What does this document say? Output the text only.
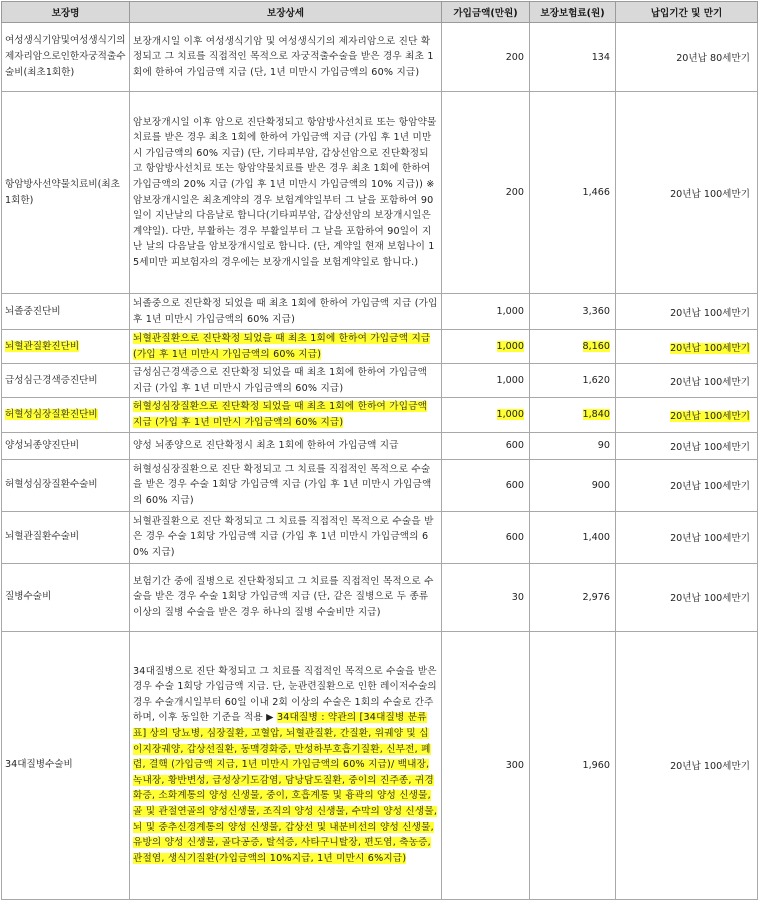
보장명	보장상세	가입금액(만원)	보장보험료(원)	납입기간 및 만기
여성생식기암및여성생식기의제자리암으로인한자궁적출수술비(최초1회한)	보장개시일 이후 여성생식기암 및 여성생식기의 제자리암으로 진단 확정되고 그 치료를 직접적인 목적으로 자궁적출수술을 받은 경우 최초 1회에 한하여 가입금액 지급 (단, 1년 미만시 가입금액의 60% 지급)	200	134	20년납 80세만기
항암방사선약물치료비(최초1회한)	암보장개시일 이후 암으로 진단확정되고 항암방사선치료 또는 항암약물치료를 받은 경우 최초 1회에 한하여 가입금액 지급 (가입 후 1년 미만시 가입금액의 60% 지급) (단, 기타피부암, 갑상선암으로 진단확정되고 항암방사선치료 또는 항암약물치료를 받은 경우 최초 1회에 한하여 가입금액의 20% 지급 (가입 후 1년 미만시 가입금액의 10% 지급)) ※ 암보장개시일은 최초계약의 경우 보험계약일부터 그 날을 포함하여 90일이 지난날의 다음날로 합니다(기타피부암, 갑상선암의 보장개시일은 계약일). 다만, 부활하는 경우 부활일부터 그 날을 포함하여 90일이 지난 날의 다음날을 암보장개시일로 합니다. (단, 계약일 현재 보험나이 15세미만 피보험자의 경우에는 보장개시일을 보험계약일로 합니다.)	200	1,466	20년납 100세만기
뇌졸중진단비	뇌졸중으로 진단확정 되었을 때 최초 1회에 한하여 가입금액 지급 (가입 후 1년 미만시 가입금액의 60% 지급)	1,000	3,360	20년납 100세만기
뇌혈관질환진단비	뇌혈관질환으로 진단확정 되었을 때 최초 1회에 한하여 가입금액 지급 (가입 후 1년 미만시 가입금액의 60% 지급)	1,000	8,160	20년납 100세만기
급성심근경색증진단비	급성심근경색증으로 진단확정 되었을 때 최초 1회에 한하여 가입금액 지급 (가입 후 1년 미만시 가입금액의 60% 지급)	1,000	1,620	20년납 100세만기
허혈성심장질환진단비	허혈성심장질환으로 진단확정 되었을 때 최초 1회에 한하여 가입금액 지급 (가입 후 1년 미만시 가입금액의 60% 지급)	1,000	1,840	20년납 100세만기
양성뇌종양진단비	양성 뇌종양으로 진단확정시 최초 1회에 한하여 가입금액 지급	600	90	20년납 100세만기
허혈성심장질환수술비	허혈성심장질환으로 진단 확정되고 그 치료를 직접적인 목적으로 수술을 받은 경우 수술 1회당 가입금액 지급 (가입 후 1년 미만시 가입금액의 60% 지급)	600	900	20년납 100세만기
뇌혈관질환수술비	뇌혈관질환으로 진단 확정되고 그 치료를 직접적인 목적으로 수술을 받은 경우 수술 1회당 가입금액 지급 (가입 후 1년 미만시 가입금액의 60% 지급)	600	1,400	20년납 100세만기
질병수술비	보험기간 중에 질병으로 진단확정되고 그 치료를 직접적인 목적으로 수술을 받은 경우 수술 1회당 가입금액 지급 (단, 같은 질병으로 두 종류 이상의 질병 수술을 받은 경우 하나의 질병 수술비만 지급)	30	2,976	20년납 100세만기
34대질병수술비	34대질병으로 진단 확정되고 그 치료를 직접적인 목적으로 수술을 받은 경우 수술 1회당 가입금액 지급. 단, 눈관련질환으로 인한 레이저수술의 경우 수술개시일부터 60일 이내 2회 이상의 수술은 1회의 수술로 간주하며, 이후 동일한 기준을 적용 ▶ 34대질병 : 약관의 [34대질병 분류표] 상의 당뇨병, 심장질환, 고혈압, 뇌혈관질환, 간질환, 위궤양 및 십이지장궤양, 갑상선질환, 동맥경화증, 만성하부호흡기질환, 신부전, 폐렴, 결핵 (가입금액 지급, 1년 미만시 가입금액의 60% 지급)/ 백내장, 녹내장, 황반변성, 급성상기도감염, 담낭담도질환, 중이의 진주종, 귀경화증, 소화계통의 양성 신생물, 중이, 호흡계통 및 흉곽의 양성 신생물, 골 및 관절연골의 양성신생물, 조직의 양성 신생물, 수막의 양성 신생물, 뇌 및 중추신경계통의 양성 신생물, 갑상선 및 내분비선의 양성 신생물, 유방의 양성 신생물, 골다공증, 탈석증, 사타구니탈장, 편도염, 축농증, 관절염, 생식기질환(가입금액의 10%지급, 1년 미만시 6%지급)	300	1,960	20년납 100세만기
